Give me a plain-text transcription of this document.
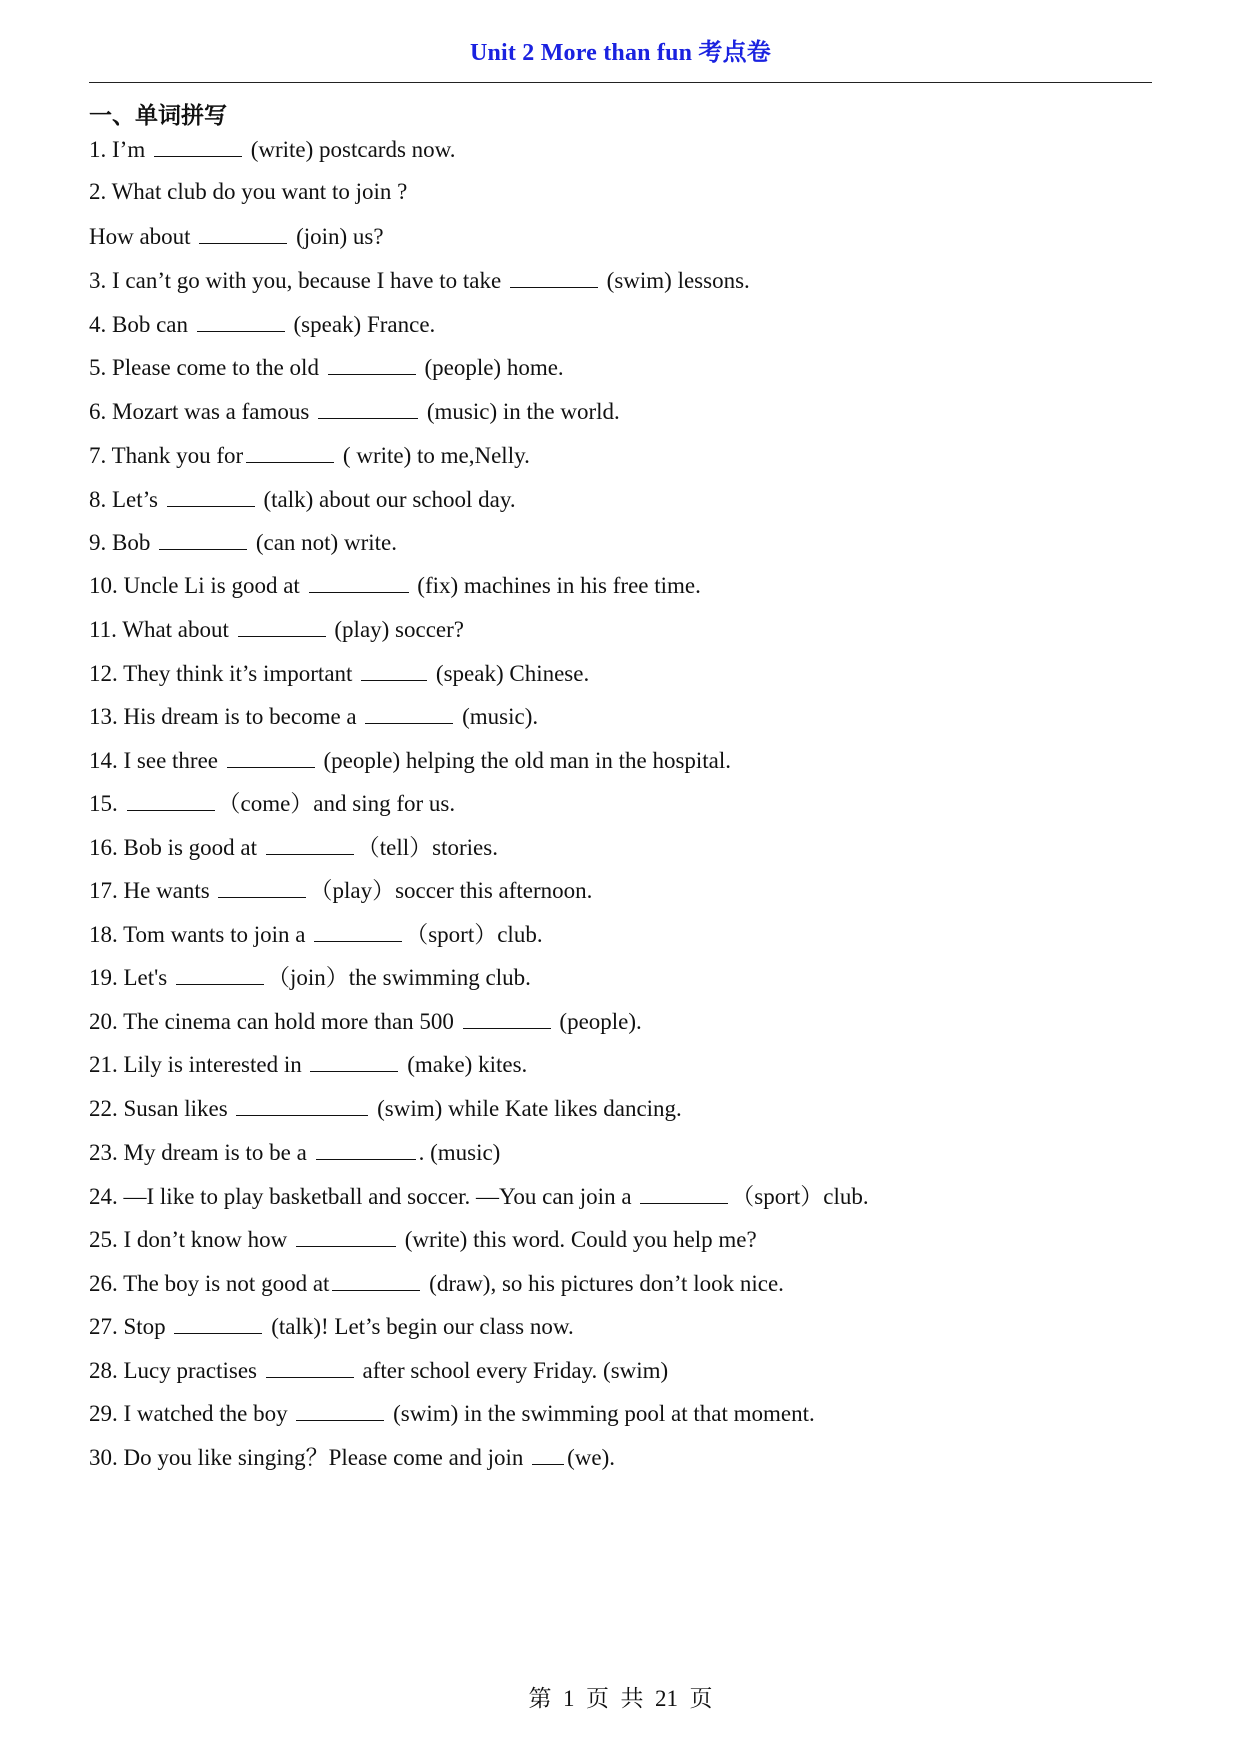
Unit 2 More than fun 考点卷
一、单词拼写
1. I’m	(write) postcards now.
2. What club do you want to join ?
How about	(join) us?
3. I can’t go with you, because I have to take	(swim) lessons.
4. Bob can	(speak) France.
5. Please come to the old	(people) home.
6. Mozart was a famous	(music) in the world.
7. Thank you for	( write) to me,Nelly.
8. Let’s	(talk) about our school day.
9. Bob	(can not) write.
10. Uncle Li is good at	(fix) machines in his free time.
11. What about	(play) soccer?
12. They think it’s important	(speak) Chinese.
13. His dream is to become a	(music).
14. I see three	(people) helping the old man in the hospital.
15.	（come）and sing for us.
16. Bob is good at	（tell）stories.
17. He wants	（play）soccer this afternoon.
18. Tom wants to join a	（sport）club.
19. Let's	（join）the swimming club.
20. The cinema can hold more than 500	(people).
21. Lily is interested in	(make) kites.
22. Susan likes	(swim) while Kate likes dancing.
23. My dream is to be a	. (music)
24. —I like to play basketball and soccer. —You can join a	（sport）club.
25. I don’t know how	(write) this word. Could you help me?
26. The boy is not good at	(draw), so his pictures don’t look nice.
27. Stop	(talk)! Let’s begin our class now.
28. Lucy practises	after school every Friday. (swim)
29. I watched the boy	(swim) in the swimming pool at that moment.
30. Do you like singing？Please come and join (we).
第  1  页  共  21  页
